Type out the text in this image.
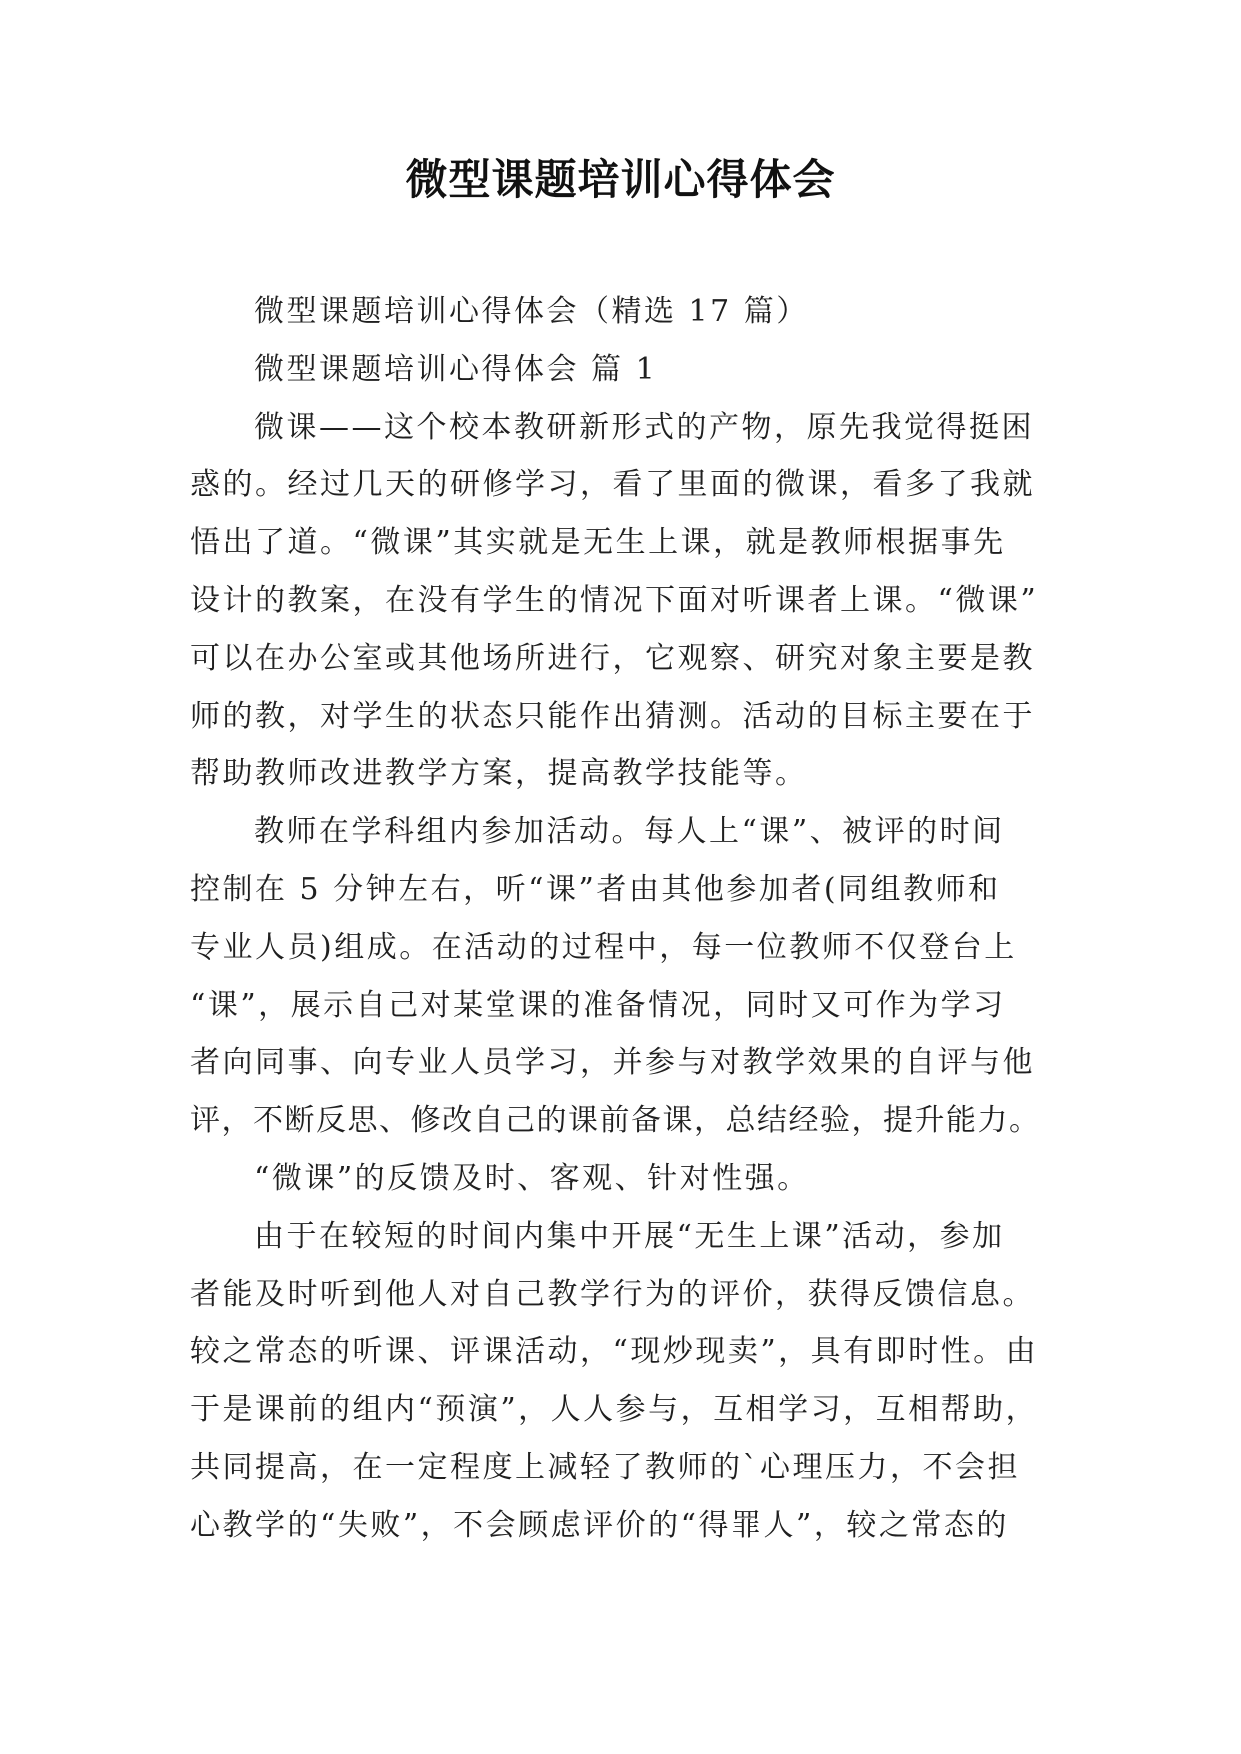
微型课题培训心得体会
微型课题培训心得体会（精选 17 篇）
微型课题培训心得体会 篇 1
微课——这个校本教研新形式的产物，原先我觉得挺困
惑的。经过几天的研修学习，看了里面的微课，看多了我就
悟出了道。“微课”其实就是无生上课，就是教师根据事先
设计的教案，在没有学生的情况下面对听课者上课。“微课”
可以在办公室或其他场所进行，它观察、研究对象主要是教
师的教，对学生的状态只能作出猜测。活动的目标主要在于
帮助教师改进教学方案，提高教学技能等。
教师在学科组内参加活动。每人上“课”、被评的时间
控制在 5 分钟左右，听“课”者由其他参加者(同组教师和
专业人员)组成。在活动的过程中，每一位教师不仅登台上
“课”，展示自己对某堂课的准备情况，同时又可作为学习
者向同事、向专业人员学习，并参与对教学效果的自评与他
评，不断反思、修改自己的课前备课，总结经验，提升能力。
“微课”的反馈及时、客观、针对性强。
由于在较短的时间内集中开展“无生上课”活动，参加
者能及时听到他人对自己教学行为的评价，获得反馈信息。
较之常态的听课、评课活动，“现炒现卖”，具有即时性。由
于是课前的组内“预演”，人人参与，互相学习，互相帮助，
共同提高，在一定程度上减轻了教师的`心理压力，不会担
心教学的“失败”，不会顾虑评价的“得罪人”，较之常态的
